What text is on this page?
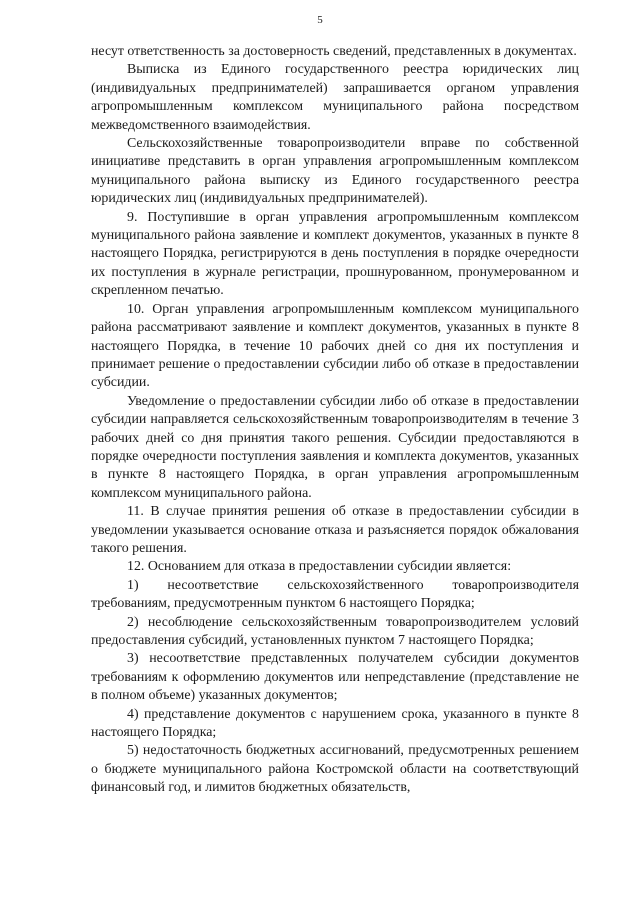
5

несут ответственность за достоверность сведений, представленных в документах.

Выписка из Единого государственного реестра юридических лиц (индивидуальных предпринимателей) запрашивается органом управления агропромышленным комплексом муниципального района посредством межведомственного взаимодействия.

Сельскохозяйственные товаропроизводители вправе по собственной инициативе представить в орган управления агропромышленным комплексом муниципального района выписку из Единого государственного реестра юридических лиц (индивидуальных предпринимателей).

9. Поступившие в орган управления агропромышленным комплексом муниципального района заявление и комплект документов, указанных в пункте 8 настоящего Порядка, регистрируются в день поступления в порядке очередности их поступления в журнале регистрации, прошнурованном, пронумерованном и скрепленном печатью.

10. Орган управления агропромышленным комплексом муниципального района рассматривают заявление и комплект документов, указанных в пункте 8 настоящего Порядка, в течение 10 рабочих дней со дня их поступления и принимает решение о предоставлении субсидии либо об отказе в предоставлении субсидии.

Уведомление о предоставлении субсидии либо об отказе в предоставлении субсидии направляется сельскохозяйственным товаропроизводителям в течение 3 рабочих дней со дня принятия такого решения. Субсидии предоставляются в порядке очередности поступления заявления и комплекта документов, указанных в пункте 8 настоящего Порядка, в орган управления агропромышленным комплексом муниципального района.

11. В случае принятия решения об отказе в предоставлении субсидии в уведомлении указывается основание отказа и разъясняется порядок обжалования такого решения.

12. Основанием для отказа в предоставлении субсидии является:

1) несоответствие сельскохозяйственного товаропроизводителя требованиям, предусмотренным пунктом 6 настоящего Порядка;

2) несоблюдение сельскохозяйственным товаропроизводителем условий предоставления субсидий, установленных пунктом 7 настоящего Порядка;

3) несоответствие представленных получателем субсидии документов требованиям к оформлению документов или непредставление (представление не в полном объеме) указанных документов;

4) представление документов с нарушением срока, указанного в пункте 8 настоящего Порядка;

5) недостаточность бюджетных ассигнований, предусмотренных решением о бюджете муниципального района Костромской области на соответствующий финансовый год, и лимитов бюджетных обязательств,
